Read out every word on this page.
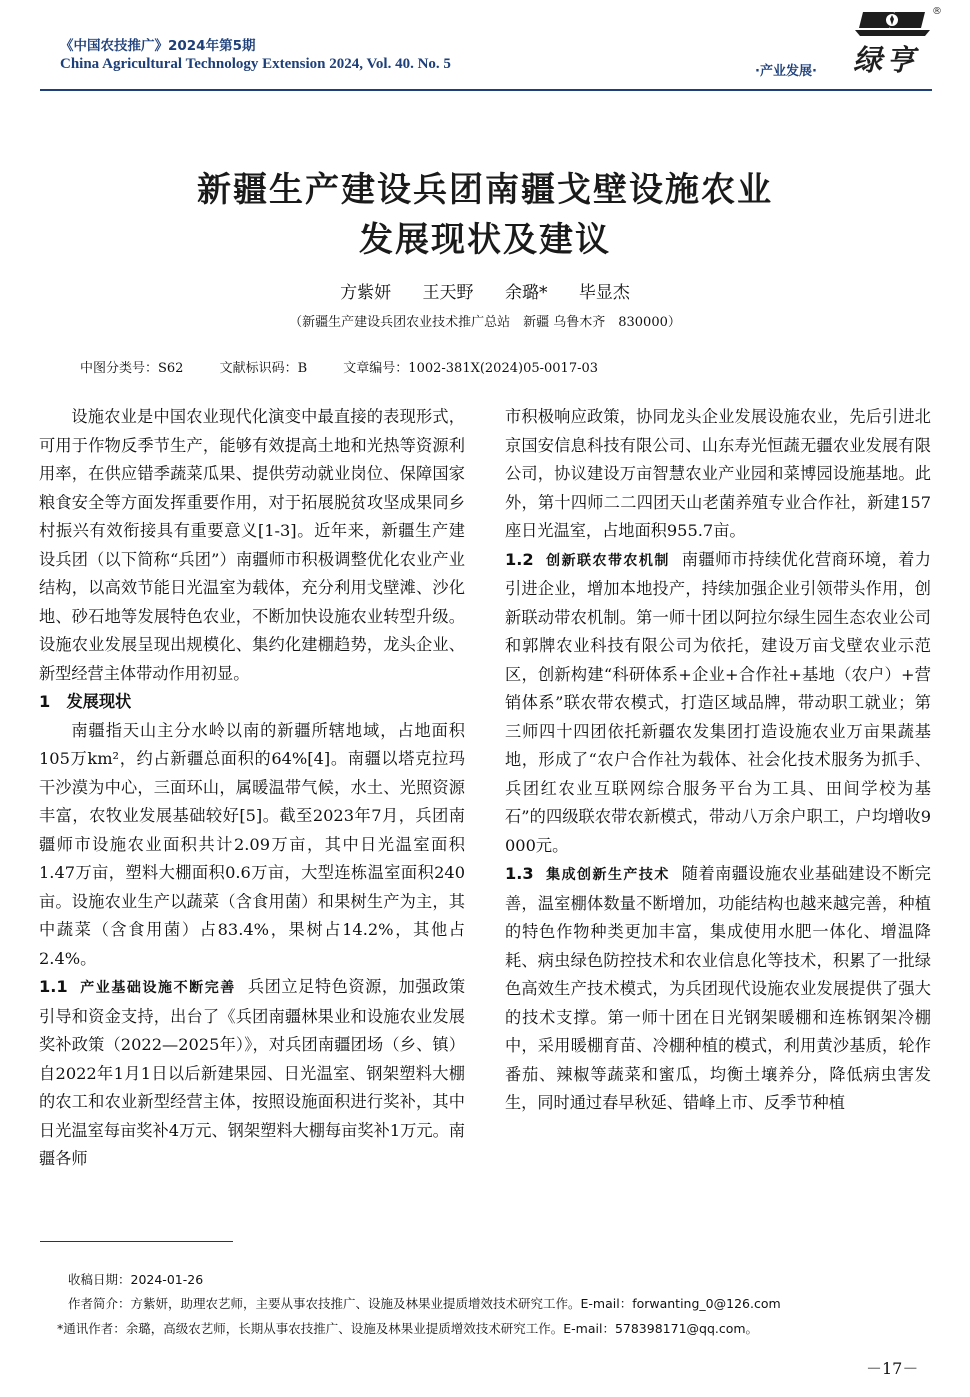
《中国农技推广》2024年第5期
China Agricultural Technology Extension 2024, Vol. 40. No. 5	·产业发展· 绿亨
®
新疆生产建设兵团南疆戈壁设施农业
发展现状及建议
方紫妍 王天野 余璐* 毕显杰
（新疆生产建设兵团农业技术推广总站　新疆 乌鲁木齐　830000）
中图分类号：S62	文献标识码：B	文章编号：1002-381X(2024)05-0017-03

设施农业是中国农业现代化演变中最直接的表现形式，可用于作物反季节生产，能够有效提高土地和光热等资源利用率，在供应错季蔬菜瓜果、提供劳动就业岗位、保障国家粮食安全等方面发挥重要作用，对于拓展脱贫攻坚成果同乡村振兴有效衔接具有重要意义[1-3]。近年来，新疆生产建设兵团（以下简称“兵团”）南疆师市积极调整优化农业产业结构，以高效节能日光温室为载体，充分利用戈壁滩、沙化地、砂石地等发展特色农业，不断加快设施农业转型升级。设施农业发展呈现出规模化、集约化建棚趋势，龙头企业、新型经营主体带动作用初显。

1　发展现状

南疆指天山主分水岭以南的新疆所辖地域，占地面积105万km²，约占新疆总面积的64%[4]。南疆以塔克拉玛干沙漠为中心，三面环山，属暖温带气候，水土、光照资源丰富，农牧业发展基础较好[5]。截至2023年7月，兵团南疆师市设施农业面积共计2.09万亩，其中日光温室面积1.47万亩，塑料大棚面积0.6万亩，大型连栋温室面积240亩。设施农业生产以蔬菜（含食用菌）和果树生产为主，其中蔬菜（含食用菌）占83.4%，果树占14.2%，其他占2.4%。

1.1 产业基础设施不断完善 兵团立足特色资源，加强政策引导和资金支持，出台了《兵团南疆林果业和设施农业发展奖补政策（2022—2025年）》，对兵团南疆团场（乡、镇）自2022年1月1日以后新建果园、日光温室、钢架塑料大棚的农工和农业新型经营主体，按照设施面积进行奖补，其中日光温室每亩奖补4万元、钢架塑料大棚每亩奖补1万元。南疆各师

市积极响应政策，协同龙头企业发展设施农业，先后引进北京国安信息科技有限公司、山东寿光恒蔬无疆农业发展有限公司，协议建设万亩智慧农业产业园和菜博园设施基地。此外，第十四师二二四团天山老菌养殖专业合作社，新建157座日光温室，占地面积955.7亩。

1.2 创新联农带农机制 南疆师市持续优化营商环境，着力引进企业，增加本地投产，持续加强企业引领带头作用，创新联动带农机制。第一师十团以阿拉尔绿生园生态农业公司和郭牌农业科技有限公司为依托，建设万亩戈壁农业示范区，创新构建“科研体系+企业+合作社+基地（农户）+营销体系”联农带农模式，打造区域品牌，带动职工就业；第三师四十四团依托新疆农发集团打造设施农业万亩果蔬基地，形成了“农户合作社为载体、社会化技术服务为抓手、兵团红农业互联网综合服务平台为工具、田间学校为基石”的四级联农带农新模式，带动八万余户职工，户均增收9 000元。

1.3 集成创新生产技术 随着南疆设施农业基础建设不断完善，温室棚体数量不断增加，功能结构也越来越完善，种植的特色作物种类更加丰富，集成使用水肥一体化、增温降耗、病虫绿色防控技术和农业信息化等技术，积累了一批绿色高效生产技术模式，为兵团现代设施农业发展提供了强大的技术支撑。第一师十团在日光钢架暖棚和连栋钢架冷棚中，采用暖棚育苗、冷棚种植的模式，利用黄沙基质，轮作番茄、辣椒等蔬菜和蜜瓜，均衡土壤养分，降低病虫害发生，同时通过春早秋延、错峰上市、反季节种植

收稿日期：2024-01-26
作者简介：方紫妍，助理农艺师，主要从事农技推广、设施及林果业提质增效技术研究工作。E-mail：forwanting_0@126.com
*通讯作者：余璐，高级农艺师，长期从事农技推广、设施及林果业提质增效技术研究工作。E-mail：578398171@qq.com。
－17－
